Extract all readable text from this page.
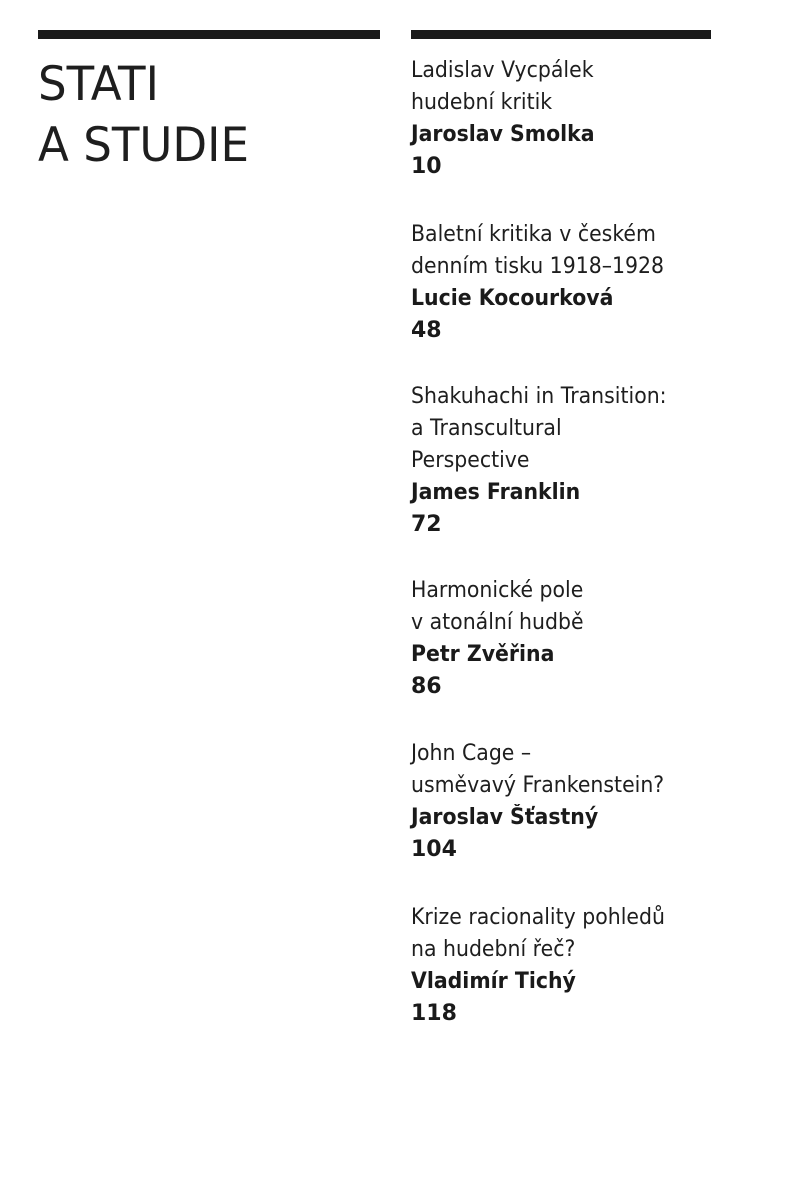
STATI
A STUDIE
Ladislav Vycpálek
hudební kritik
Jaroslav Smolka
10
Baletní kritika v českém
denním tisku 1918–1928
Lucie Kocourková
48
Shakuhachi in Transition:
a Transcultural
Perspective
James Franklin
72
Harmonické pole
v atonální hudbě
Petr Zvěřina
86
John Cage –
usměvavý Frankenstein?
Jaroslav Šťastný
104
Krize racionality pohledů
na hudební řeč?
Vladimír Tichý
118
